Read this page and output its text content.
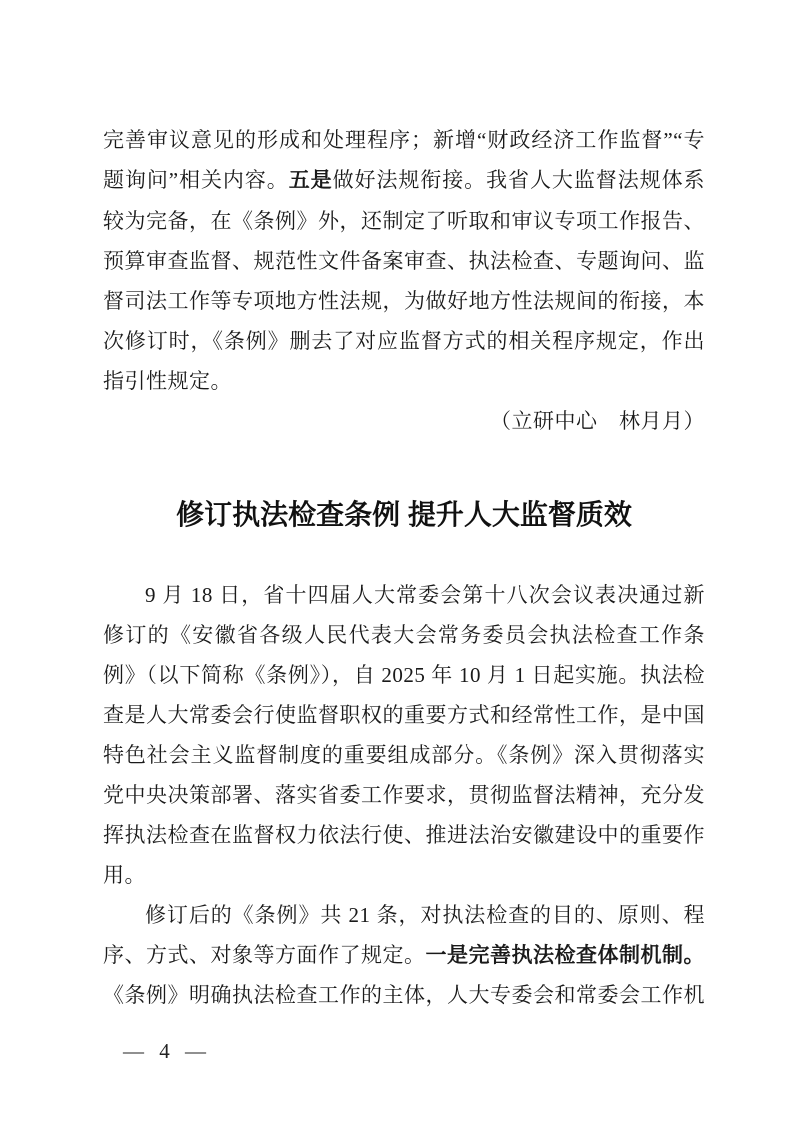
完善审议意见的形成和处理程序；新增“财政经济工作监督”“专题询问”相关内容。五是做好法规衔接。我省人大监督法规体系较为完备，在《条例》外，还制定了听取和审议专项工作报告、预算审查监督、规范性文件备案审查、执法检查、专题询问、监督司法工作等专项地方性法规，为做好地方性法规间的衔接，本次修订时，《条例》删去了对应监督方式的相关程序规定，作出指引性规定。

（立研中心　林月月）

修订执法检查条例 提升人大监督质效

9 月 18 日，省十四届人大常委会第十八次会议表决通过新修订的《安徽省各级人民代表大会常务委员会执法检查工作条例》（以下简称《条例》），自 2025 年 10 月 1 日起实施。执法检查是人大常委会行使监督职权的重要方式和经常性工作，是中国特色社会主义监督制度的重要组成部分。《条例》深入贯彻落实党中央决策部署、落实省委工作要求，贯彻监督法精神，充分发挥执法检查在监督权力依法行使、推进法治安徽建设中的重要作用。

修订后的《条例》共 21 条，对执法检查的目的、原则、程序、方式、对象等方面作了规定。一是完善执法检查体制机制。《条例》明确执法检查工作的主体，人大专委会和常委会工作机

— 4 —
